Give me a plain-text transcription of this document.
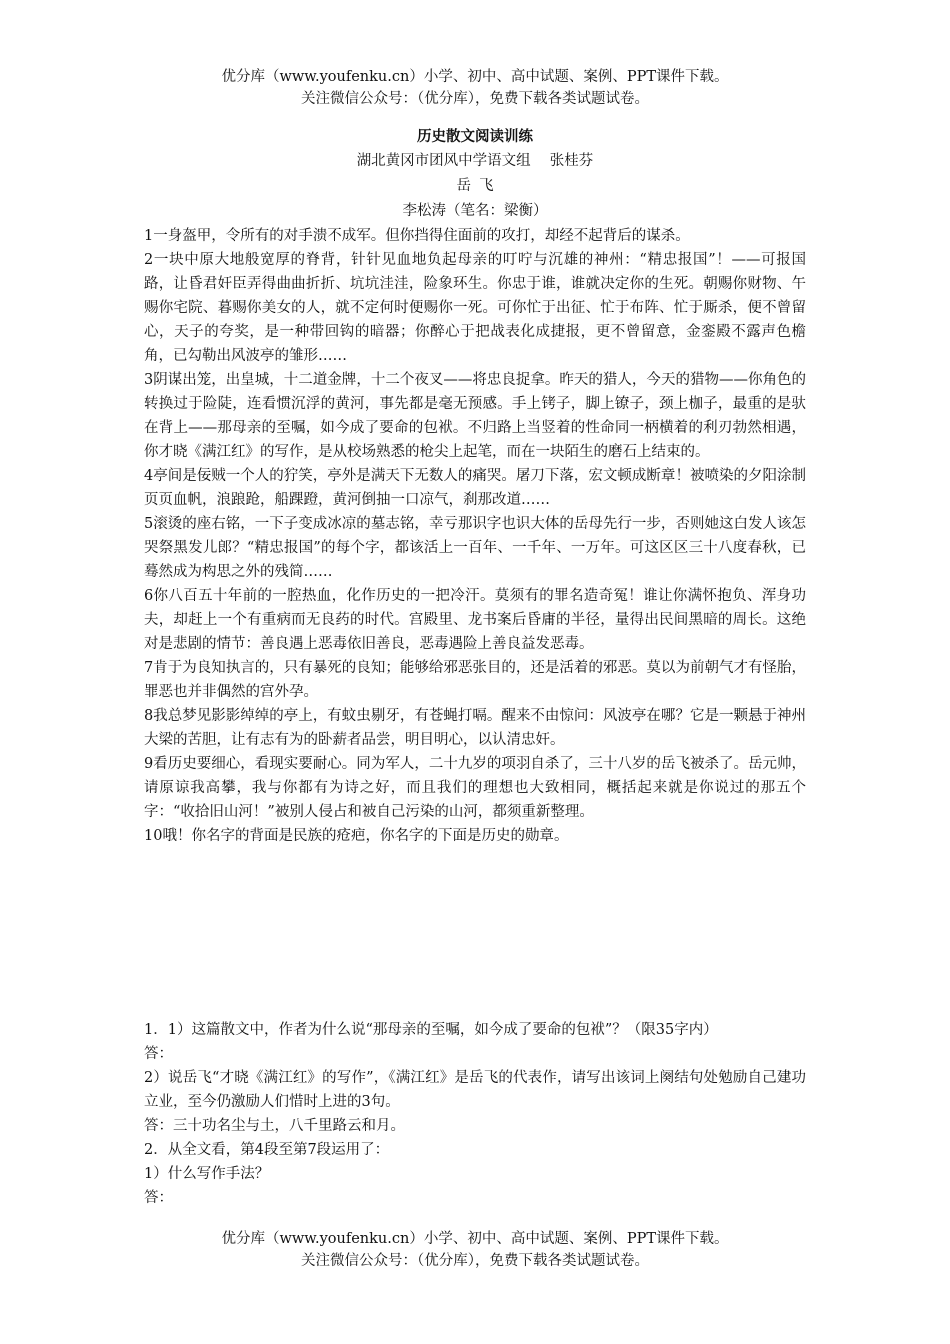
优分库（www.youfenku.cn）小学、初中、高中试题、案例、PPT课件下载。
关注微信公众号：（优分库），免费下载各类试题试卷。
历史散文阅读训练
湖北黄冈市团风中学语文组　 张桂芬
岳飞
李松涛（笔名：梁衡）

1一身盔甲，令所有的对手溃不成军。但你挡得住面前的攻打，却经不起背后的谋杀。

2一块中原大地般宽厚的脊背，针针见血地负起母亲的叮咛与沉雄的神州：“精忠报国”！——可报国路，让昏君奸臣弄得曲曲折折、坑坑洼洼，险象环生。你忠于谁，谁就决定你的生死。朝赐你财物、午赐你宅院、暮赐你美女的人，就不定何时便赐你一死。可你忙于出征、忙于布阵、忙于厮杀，便不曾留心，天子的夸奖，是一种带回钩的暗器；你醉心于把战表化成捷报，更不曾留意，金銮殿不露声色檐角，已勾勒出风波亭的雏形……

3阴谋出笼，出皇城，十二道金牌，十二个夜叉——将忠良捉拿。昨天的猎人，今天的猎物——你角色的转换过于险陡，连看惯沉浮的黄河，事先都是毫无预感。手上铐子，脚上镣子，颈上枷子，最重的是驮在背上——那母亲的至嘱，如今成了要命的包袱。不归路上当竖着的性命同一柄横着的利刃勃然相遇，你才晓《满江红》的写作，是从校场熟悉的枪尖上起笔，而在一块陌生的磨石上结束的。

4亭间是佞贼一个人的狞笑，亭外是满天下无数人的痛哭。屠刀下落，宏文顿成断章！被喷染的夕阳涂制页页血帆，浪踉跄，船踝蹬，黄河倒抽一口凉气，刹那改道……

5滚烫的座右铭，一下子变成冰凉的墓志铭，幸亏那识字也识大体的岳母先行一步，否则她这白发人该怎哭祭黑发儿郎？“精忠报国”的每个字，都该活上一百年、一千年、一万年。可这区区三十八度春秋，已蓦然成为构思之外的残简……

6你八百五十年前的一腔热血，化作历史的一把冷汗。莫须有的罪名造奇冤！谁让你满怀抱负、浑身功夫，却赶上一个有重病而无良药的时代。宫殿里、龙书案后昏庸的半径，量得出民间黑暗的周长。这绝对是悲剧的情节：善良遇上恶毒依旧善良，恶毒遇险上善良益发恶毒。

7肯于为良知执言的，只有暴死的良知；能够给邪恶张目的，还是活着的邪恶。莫以为前朝气才有怪胎，罪恶也并非偶然的宫外孕。

8我总梦见影影绰绰的亭上，有蚊虫剔牙，有苍蝇打嗝。醒来不由惊问：风波亭在哪？它是一颗悬于神州大梁的苦胆，让有志有为的卧薪者品尝，明目明心，以认清忠奸。

9看历史要细心，看现实要耐心。同为军人，二十九岁的项羽自杀了，三十八岁的岳飞被杀了。岳元帅，请原谅我高攀，我与你都有为诗之好，而且我们的理想也大致相同，概括起来就是你说过的那五个字：“收拾旧山河！”被别人侵占和被自己污染的山河，都须重新整理。

10哦！你名字的背面是民族的疮疤，你名字的下面是历史的勋章。

1．1）这篇散文中，作者为什么说“那母亲的至嘱，如今成了要命的包袱”？（限35字内）

答：

2）说岳飞“才晓《满江红》的写作”，《满江红》是岳飞的代表作，请写出该词上阕结句处勉励自己建功立业，至今仍激励人们惜时上进的3句。

答：三十功名尘与土，八千里路云和月。

2．从全文看，第4段至第7段运用了：

1）什么写作手法？

答：

优分库（www.youfenku.cn）小学、初中、高中试题、案例、PPT课件下载。
关注微信公众号：（优分库），免费下载各类试题试卷。
